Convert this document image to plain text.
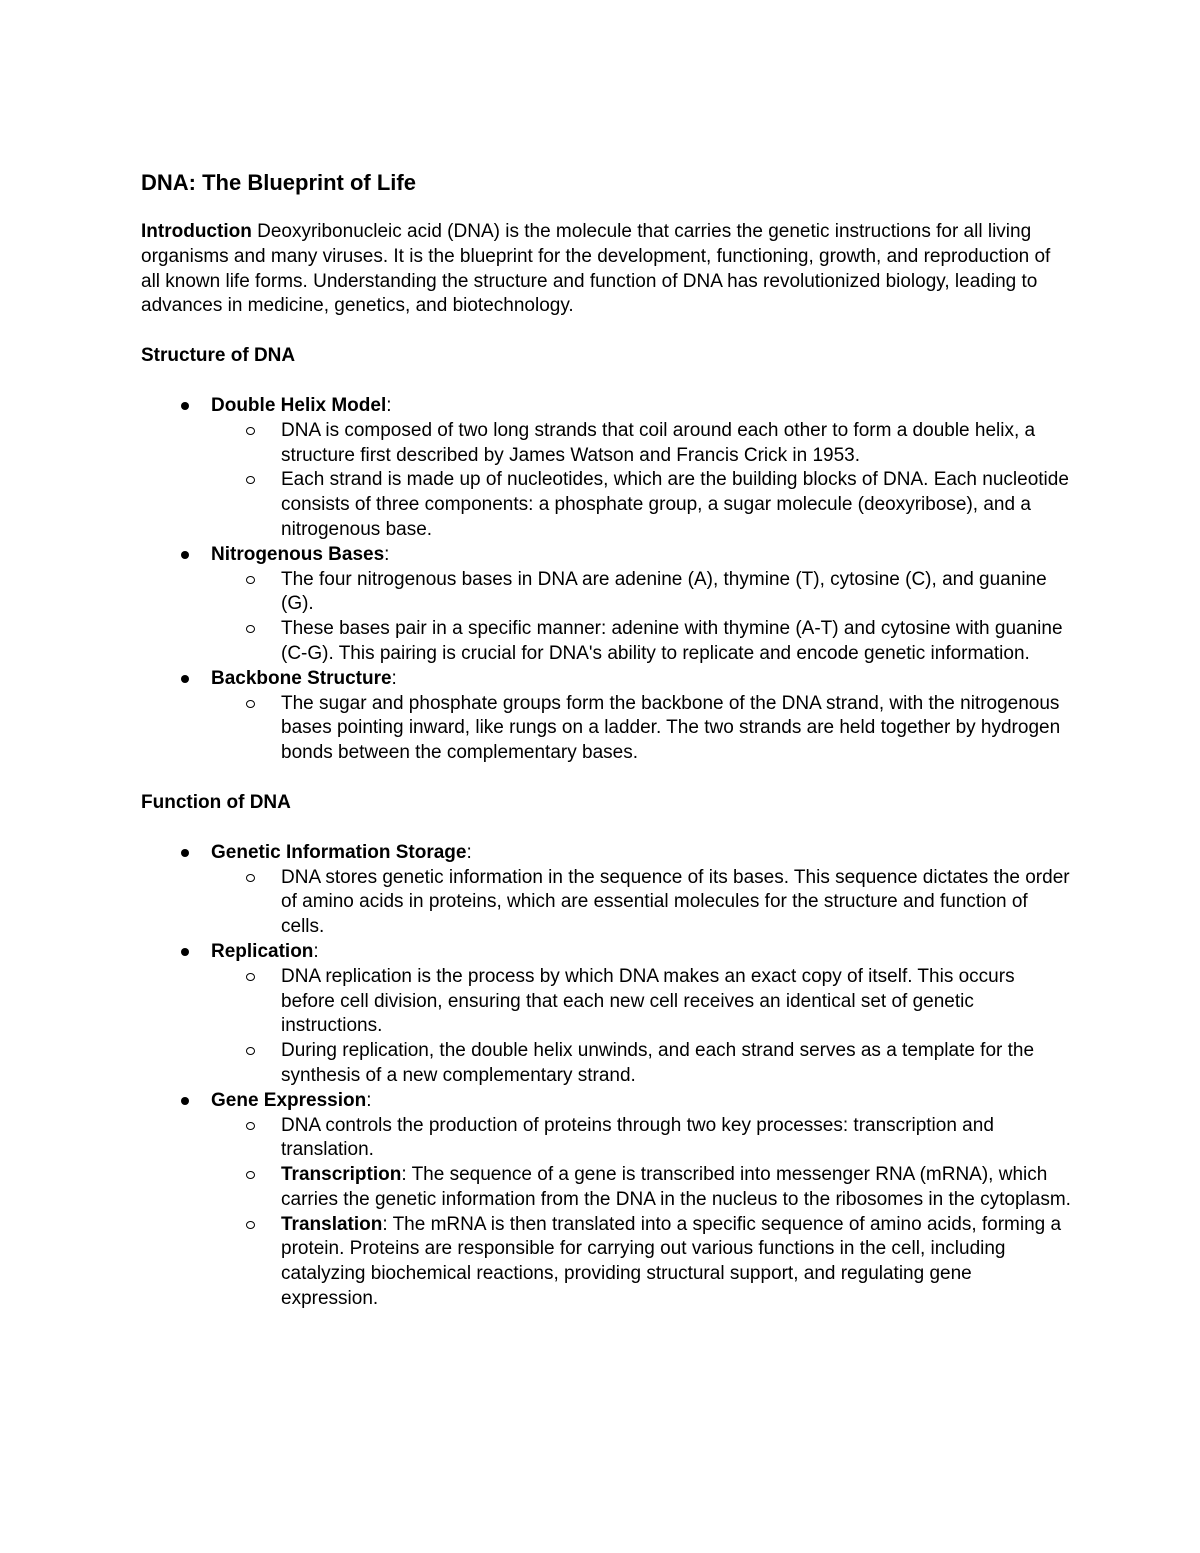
DNA: The Blueprint of Life

Introduction Deoxyribonucleic acid (DNA) is the molecule that carries the genetic instructions for all living organisms and many viruses. It is the blueprint for the development, functioning, growth, and reproduction of all known life forms. Understanding the structure and function of DNA has revolutionized biology, leading to advances in medicine, genetics, and biotechnology.

Structure of DNA
Double Helix Model:
DNA is composed of two long strands that coil around each other to form a double helix, a structure first described by James Watson and Francis Crick in 1953.
Each strand is made up of nucleotides, which are the building blocks of DNA. Each nucleotide consists of three components: a phosphate group, a sugar molecule (deoxyribose), and a nitrogenous base.
Nitrogenous Bases:
The four nitrogenous bases in DNA are adenine (A), thymine (T), cytosine (C), and guanine (G).
These bases pair in a specific manner: adenine with thymine (A-T) and cytosine with guanine (C-G). This pairing is crucial for DNA's ability to replicate and encode genetic information.
Backbone Structure:
The sugar and phosphate groups form the backbone of the DNA strand, with the nitrogenous bases pointing inward, like rungs on a ladder. The two strands are held together by hydrogen bonds between the complementary bases.
Function of DNA
Genetic Information Storage:
DNA stores genetic information in the sequence of its bases. This sequence dictates the order of amino acids in proteins, which are essential molecules for the structure and function of cells.
Replication:
DNA replication is the process by which DNA makes an exact copy of itself. This occurs before cell division, ensuring that each new cell receives an identical set of genetic instructions.
During replication, the double helix unwinds, and each strand serves as a template for the synthesis of a new complementary strand.
Gene Expression:
DNA controls the production of proteins through two key processes: transcription and translation.
Transcription: The sequence of a gene is transcribed into messenger RNA (mRNA), which carries the genetic information from the DNA in the nucleus to the ribosomes in the cytoplasm.
Translation: The mRNA is then translated into a specific sequence of amino acids, forming a protein. Proteins are responsible for carrying out various functions in the cell, including catalyzing biochemical reactions, providing structural support, and regulating gene expression.
